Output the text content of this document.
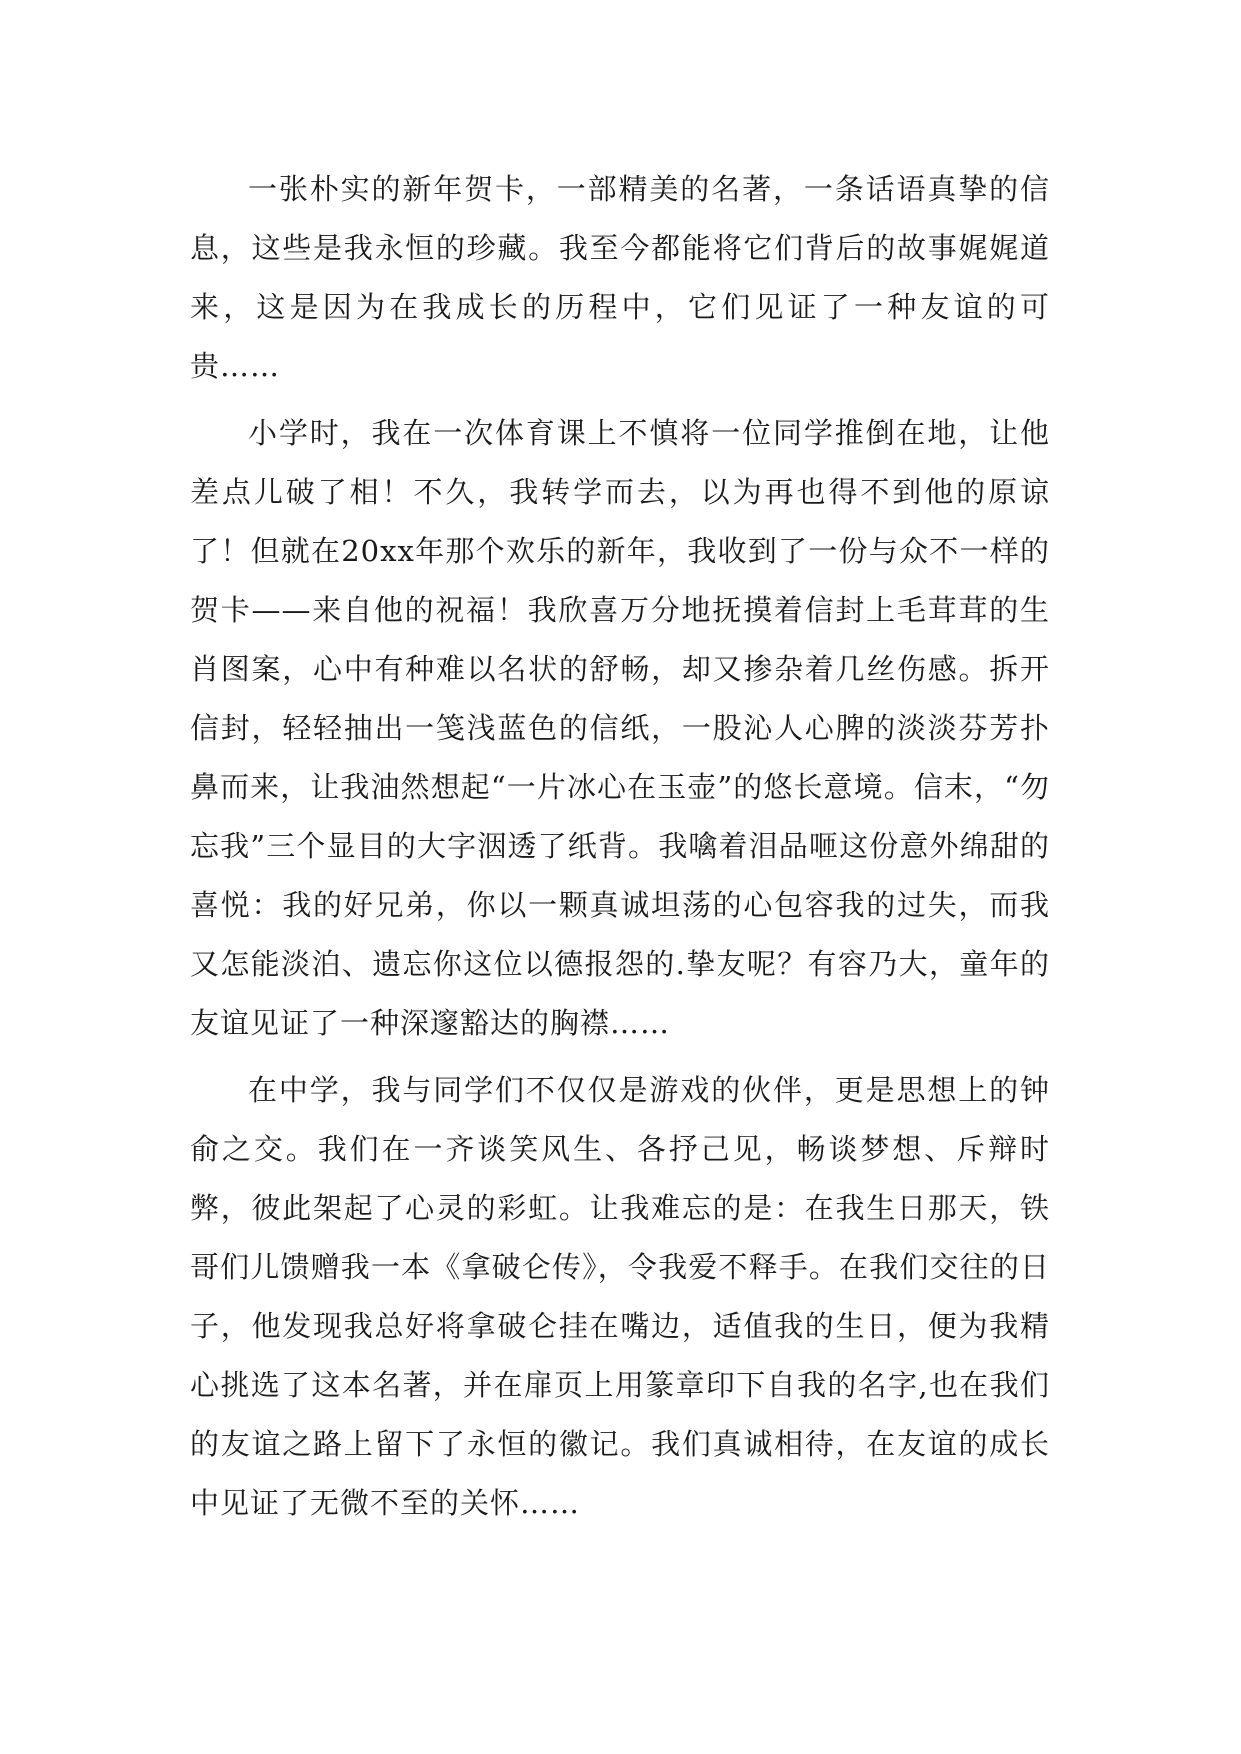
一张朴实的新年贺卡，一部精美的名著，一条话语真挚的信息，这些是我永恒的珍藏。我至今都能将它们背后的故事娓娓道来，这是因为在我成长的历程中，它们见证了一种友谊的可贵……

小学时，我在一次体育课上不慎将一位同学推倒在地，让他差点儿破了相！不久，我转学而去，以为再也得不到他的原谅了！但就在20xx年那个欢乐的新年，我收到了一份与众不一样的贺卡——来自他的祝福！我欣喜万分地抚摸着信封上毛茸茸的生肖图案，心中有种难以名状的舒畅，却又掺杂着几丝伤感。拆开信封，轻轻抽出一笺浅蓝色的信纸，一股沁人心脾的淡淡芬芳扑鼻而来，让我油然想起“一片冰心在玉壶”的悠长意境。信末，“勿忘我”三个显目的大字洇透了纸背。我噙着泪品咂这份意外绵甜的喜悦：我的好兄弟，你以一颗真诚坦荡的心包容我的过失，而我又怎能淡泊、遗忘你这位以德报怨的.挚友呢？有容乃大，童年的友谊见证了一种深邃豁达的胸襟……

在中学，我与同学们不仅仅是游戏的伙伴，更是思想上的钟俞之交。我们在一齐谈笑风生、各抒己见，畅谈梦想、斥辩时弊，彼此架起了心灵的彩虹。让我难忘的是：在我生日那天，铁哥们儿馈赠我一本《拿破仑传》，令我爱不释手。在我们交往的日子，他发现我总好将拿破仑挂在嘴边，适值我的生日，便为我精心挑选了这本名著，并在扉页上用篆章印下自我的名字,也在我们的友谊之路上留下了永恒的徽记。我们真诚相待，在友谊的成长中见证了无微不至的关怀……
